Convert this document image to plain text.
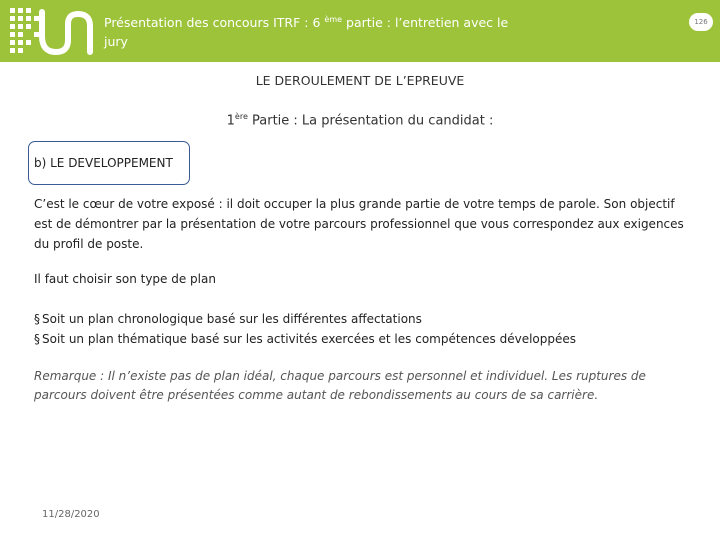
Présentation des concours ITRF : 6 $^{ème}$ partie : l’entretien avec le jury
126
LE DEROULEMENT DE L’EPREUVE
1ère Partie : La présentation du candidat :
b) LE DEVELOPPEMENT
C’est le cœur de votre exposé : il doit occuper la plus grande partie de votre temps de parole. Son objectif est de démontrer par la présentation de votre parcours professionnel que vous correspondez aux exigences du profil de poste.
Il faut choisir son type de plan
§ Soit un plan chronologique basé sur les différentes affectations
§ Soit un plan thématique basé sur les activités exercées et les compétences développées
Remarque : Il n’existe pas de plan idéal, chaque parcours est personnel et individuel. Les ruptures de parcours doivent être présentées comme autant de rebondissements au cours de sa carrière.
11/28/2020
